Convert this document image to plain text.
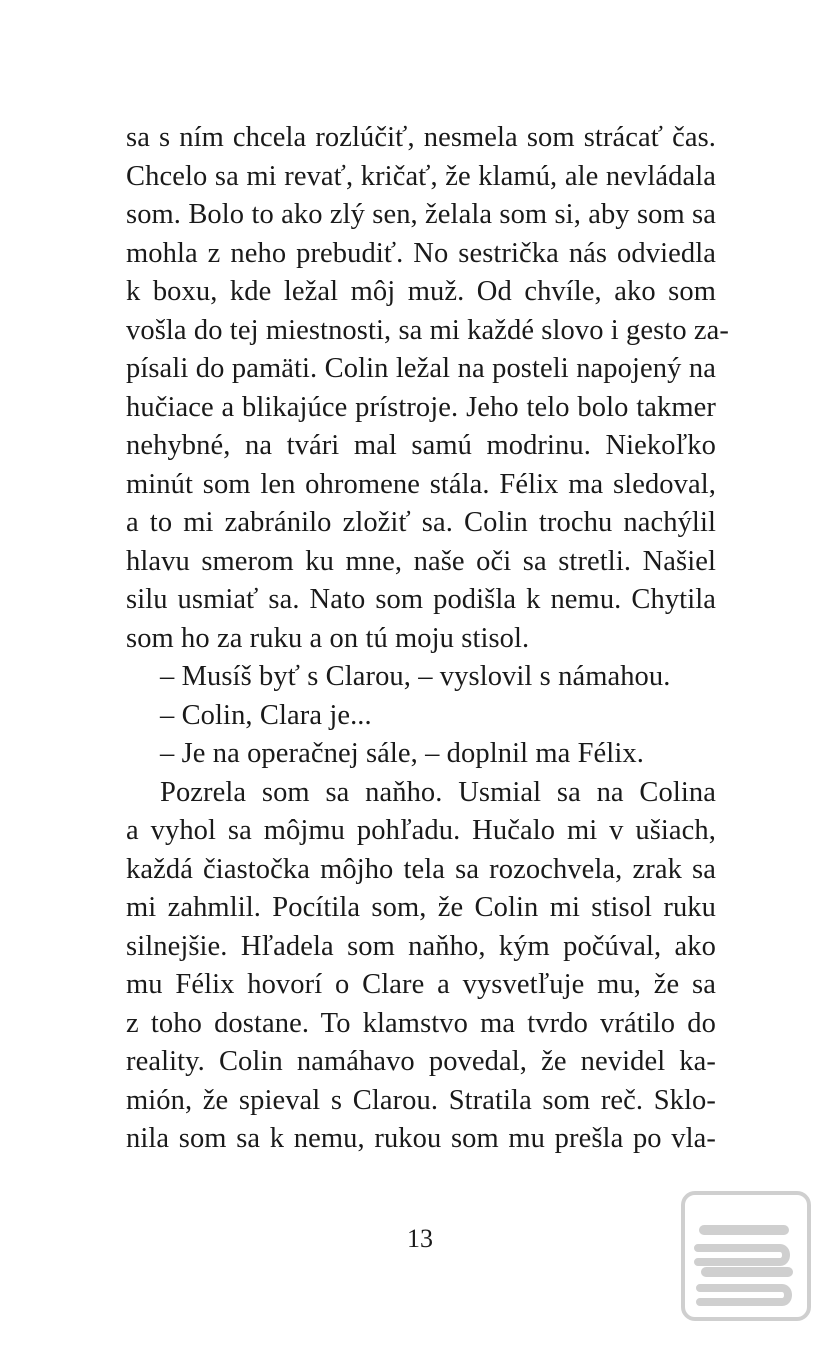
sa s ním chcela rozlúčiť, nesmela som strácať čas.
Chcelo sa mi revať, kričať, že klamú, ale nevládala
som. Bolo to ako zlý sen, želala som si, aby som sa
mohla z neho prebudiť. No sestrička nás odviedla
k boxu, kde ležal môj muž. Od chvíle, ako som
vošla do tej miestnosti, sa mi každé slovo i gesto za-
písali do pamäti. Colin ležal na posteli napojený na
hučiace a blikajúce prístroje. Jeho telo bolo takmer
nehybné, na tvári mal samú modrinu. Niekoľko
minút som len ohromene stála. Félix ma sledoval,
a to mi zabránilo zložiť sa. Colin trochu nachýlil
hlavu smerom ku mne, naše oči sa stretli. Našiel
silu usmiať sa. Nato som podišla k nemu. Chytila
som ho za ruku a on tú moju stisol.
– Musíš byť s Clarou, – vyslovil s námahou.
– Colin, Clara je...
– Je na operačnej sále, – doplnil ma Félix.
Pozrela som sa naňho. Usmial sa na Colina
a vyhol sa môjmu pohľadu. Hučalo mi v ušiach,
každá čiastočka môjho tela sa rozochvela, zrak sa
mi zahmlil. Pocítila som, že Colin mi stisol ruku
silnejšie. Hľadela som naňho, kým počúval, ako
mu Félix hovorí o Clare a vysvetľuje mu, že sa
z toho dostane. To klamstvo ma tvrdo vrátilo do
reality. Colin namáhavo povedal, že nevidel ka-
mión, že spieval s Clarou. Stratila som reč. Sklo-
nila som sa k nemu, rukou som mu prešla po vla-
13
